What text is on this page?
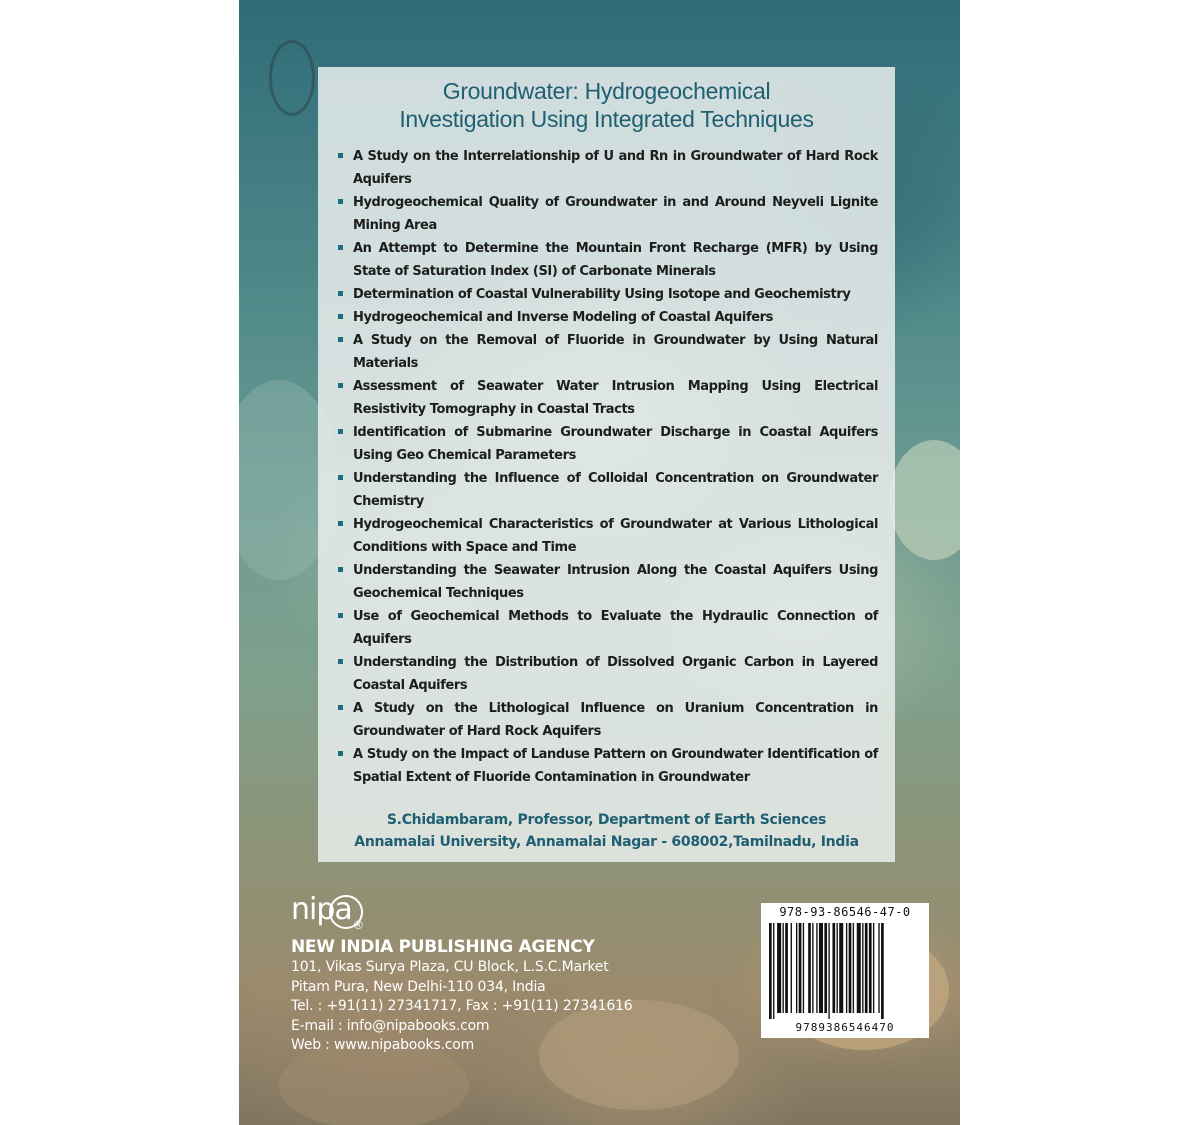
Groundwater: Hydrogeochemical
Investigation Using Integrated Techniques
A Study on the Interrelationship of U and Rn in Groundwater of Hard Rock Aquifers
Hydrogeochemical Quality of Groundwater in and Around Neyveli Lignite Mining Area
An Attempt to Determine the Mountain Front Recharge (MFR) by Using State of Saturation Index (SI) of Carbonate Minerals
Determination of Coastal Vulnerability Using Isotope and Geochemistry
Hydrogeochemical and Inverse Modeling of Coastal Aquifers
A Study on the Removal of Fluoride in Groundwater by Using Natural Materials
Assessment of Seawater Water Intrusion Mapping Using Electrical Resistivity Tomography in Coastal Tracts
Identification of Submarine Groundwater Discharge in Coastal Aquifers Using Geo Chemical Parameters
Understanding the Influence of Colloidal Concentration on Groundwater Chemistry
Hydrogeochemical Characteristics of Groundwater at Various Lithological Conditions with Space and Time
Understanding the Seawater Intrusion Along the Coastal Aquifers Using Geochemical Techniques
Use of Geochemical Methods to Evaluate the Hydraulic Connection of Aquifers
Understanding the Distribution of Dissolved Organic Carbon in Layered Coastal Aquifers
A Study on the Lithological Influence on Uranium Concentration in Groundwater of Hard Rock Aquifers
A Study on the Impact of Landuse Pattern on Groundwater Identification of Spatial Extent of Fluoride Contamination in Groundwater
S.Chidambaram, Professor, Department of Earth Sciences
Annamalai University, Annamalai Nagar - 608002,Tamilnadu, India
nipa ®
NEW INDIA PUBLISHING AGENCY
101, Vikas Surya Plaza, CU Block, L.S.C.Market
Pitam Pura, New Delhi-110 034, India
Tel. : +91(11) 27341717, Fax : +91(11) 27341616
E-mail : info@nipabooks.com
Web : www.nipabooks.com
978-93-86546-47-0
9789386546470
